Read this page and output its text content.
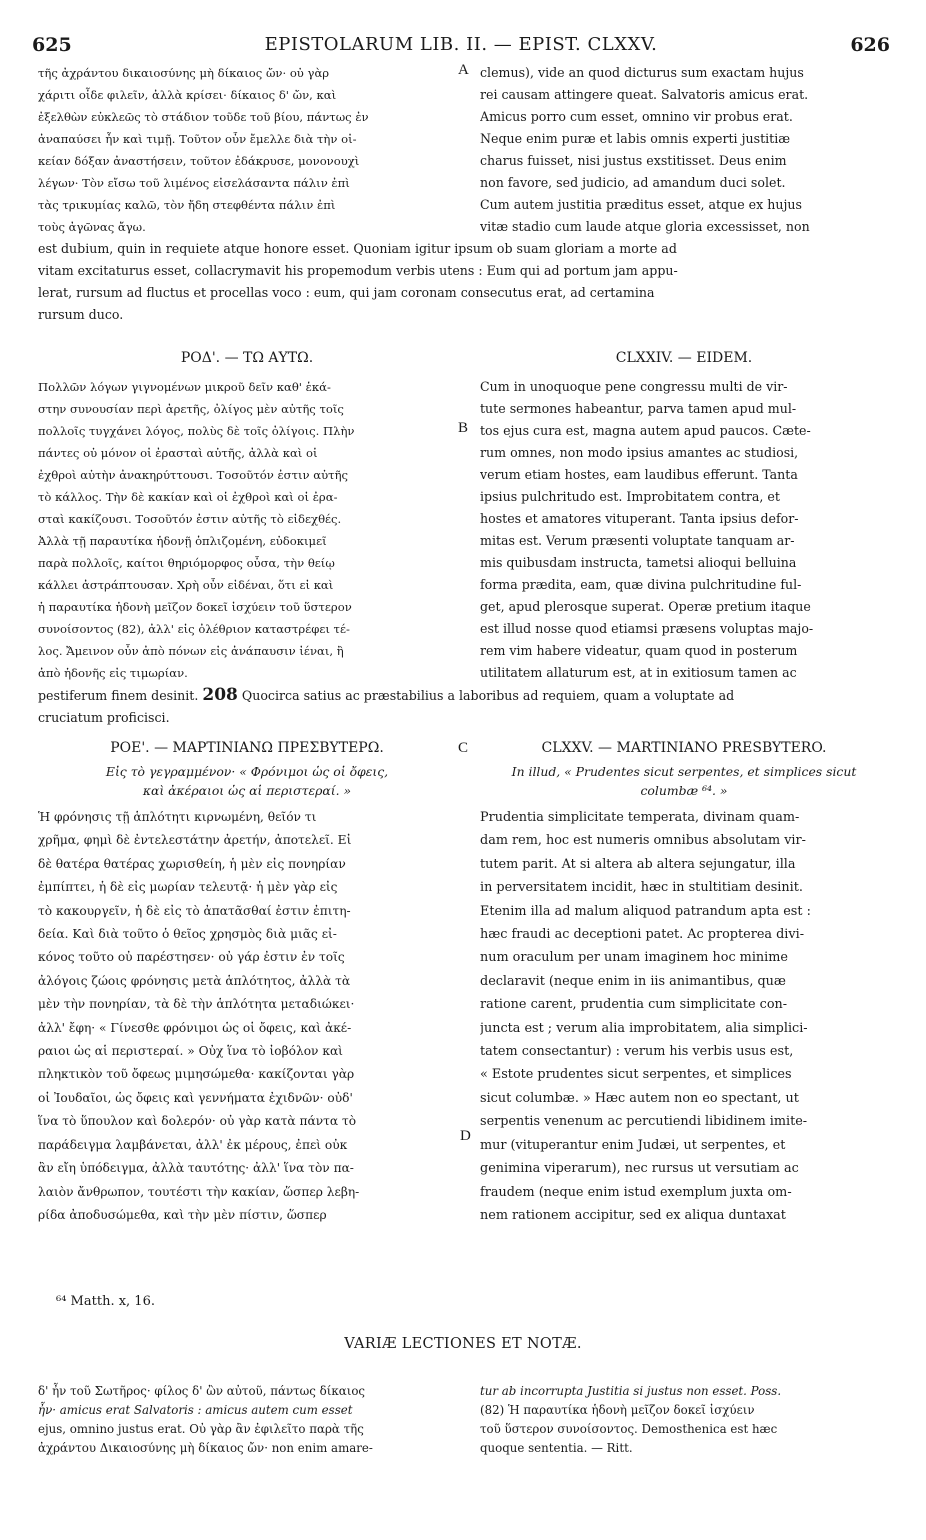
625	EPISTOLARUM LIB. II. — EPIST. CLXXV.	626
τῆς ἀχράντου δικαιοσύνης μὴ δίκαιος ὤν· οὐ γὰρ
χάριτι οἶδε φιλεῖν, ἀλλὰ κρίσει· δίκαιος δ' ὤν, καὶ
ἐξελθὼν εὐκλεῶς τὸ στάδιον τοῦδε τοῦ βίου, πάντως ἐν
ἀναπαύσει ἦν καὶ τιμῇ. Τοῦτον οὖν ἔμελλε διὰ τὴν οἰ-
κείαν δόξαν ἀναστήσειν, τοῦτον ἐδάκρυσε, μονονουχὶ
λέγων· Τὸν εἴσω τοῦ λιμένος εἰσελάσαντα πάλιν ἐπὶ
τὰς τρικυμίας καλῶ, τὸν ἤδη στεφθέντα πάλιν ἐπὶ
τοὺς ἀγῶνας ἄγω.
A clemus), vide an quod dicturus sum exactam hujus
rei causam attingere queat. Salvatoris amicus erat.
Amicus porro cum esset, omnino vir probus erat.
Neque enim puræ et labis omnis experti justitiæ
charus fuisset, nisi justus exstitisset. Deus enim
non favore, sed judicio, ad amandum duci solet.
Cum autem justitia præditus esset, atque ex hujus
vitæ stadio cum laude atque gloria excessisset, non
est dubium, quin in requiete atque honore esset. Quoniam igitur ipsum ob suam gloriam a morte ad
vitam excitaturus esset, collacrymavit his propemodum verbis utens : Eum qui ad portum jam appu-
lerat, rursum ad fluctus et procellas voco : eum, qui jam coronam consecutus erat, ad certamina
rursum duco.
ΡΟΔ'. — ΤΩ ΑΥΤΩ.	CLXXIV. — EIDEM.
Πολλῶν λόγων γιγνομένων μικροῦ δεῖν καθ' ἑκά-
στην συνουσίαν περὶ ἀρετῆς, ὀλίγος μὲν αὐτῆς τοῖς
πολλοῖς τυγχάνει λόγος, πολὺς δὲ τοῖς ὀλίγοις. Πλὴν
πάντες οὐ μόνον οἱ ἐρασταὶ αὐτῆς, ἀλλὰ καὶ οἱ
ἐχθροὶ αὐτὴν ἀνακηρύττουσι. Τοσοῦτόν ἐστιν αὐτῆς
τὸ κάλλος. Τὴν δὲ κακίαν καὶ οἱ ἐχθροὶ καὶ οἱ ἐρα-
σταὶ κακίζουσι. Τοσοῦτόν ἐστιν αὐτῆς τὸ εἰδεχθές.
Ἀλλὰ τῇ παραυτίκα ἡδονῇ ὁπλιζομένη, εὐδοκιμεῖ
παρὰ πολλοῖς, καίτοι θηριόμορφος οὖσα, τὴν θείῳ
κάλλει ἀστράπτουσαν. Χρὴ οὖν εἰδέναι, ὅτι εἰ καὶ
ἡ παραυτίκα ἡδονὴ μεῖζον δοκεῖ ἰσχύειν τοῦ ὕστερον
συνοίσοντος (82), ἀλλ' εἰς ὀλέθριον καταστρέφει τέ-
λος. Ἄμεινον οὖν ἀπὸ πόνων εἰς ἀνάπαυσιν ἰέναι, ἢ
ἀπὸ ἡδονῆς εἰς τιμωρίαν.
B
Cum in unoquoque pene congressu multi de vir-
tute sermones habeantur, parva tamen apud mul-
tos ejus cura est, magna autem apud paucos. Cæte-
rum omnes, non modo ipsius amantes ac studiosi,
verum etiam hostes, eam laudibus efferunt. Tanta
ipsius pulchritudo est. Improbitatem contra, et
hostes et amatores vituperant. Tanta ipsius defor-
mitas est. Verum præsenti voluptate tanquam ar-
mis quibusdam instructa, tametsi alioqui belluina
forma prædita, eam, quæ divina pulchritudine ful-
get, apud plerosque superat. Operæ pretium itaque
est illud nosse quod etiamsi præsens voluptas majo-
rem vim habere videatur, quam quod in posterum
utilitatem allaturum est, at in exitiosum tamen ac
pestiferum finem desinit. 208 Quocirca satius ac præstabilius a laboribus ad requiem, quam a voluptate ad
cruciatum proficisci.
ΡΟΕ'. — ΜΑΡΤΙΝΙΑΝΩ ΠΡΕΣΒΥΤΕΡΩ.	C	CLXXV. — MARTINIANO PRESBYTERO.
Εἰς τὸ γεγραμμένον· « Φρόνιμοι ὡς οἱ ὄφεις,
καὶ ἀκέραιοι ὡς αἱ περιστεραί. »
In illud, « Prudentes sicut serpentes, et simplices sicut
columbæ ⁶⁴. »
Ἡ φρόνησις τῇ ἁπλότητι κιρνωμένη, θεῖόν τι
χρῆμα, φημὶ δὲ ἐντελεστάτην ἀρετήν, ἀποτελεῖ. Εἰ
δὲ θατέρα θατέρας χωρισθείη, ἡ μὲν εἰς πονηρίαν
ἐμπίπτει, ἡ δὲ εἰς μωρίαν τελευτᾷ· ἡ μὲν γὰρ εἰς
τὸ κακουργεῖν, ἡ δὲ εἰς τὸ ἀπατᾶσθαί ἐστιν ἐπιτη-
δεία. Καὶ διὰ τοῦτο ὁ θεῖος χρησμὸς διὰ μιᾶς εἰ-
κόνος τοῦτο οὐ παρέστησεν· οὐ γάρ ἐστιν ἐν τοῖς
ἀλόγοις ζώοις φρόνησις μετὰ ἁπλότητος, ἀλλὰ τὰ
μὲν τὴν πονηρίαν, τὰ δὲ τὴν ἁπλότητα μεταδιώκει·
ἀλλ' ἔφη· « Γίνεσθε φρόνιμοι ὡς οἱ ὄφεις, καὶ ἀκέ-
ραιοι ὡς αἱ περιστεραί. » Οὐχ ἵνα τὸ ἰοβόλον καὶ
πληκτικὸν τοῦ ὄφεως μιμησώμεθα· κακίζονται γὰρ
οἱ Ἰουδαῖοι, ὡς ὄφεις καὶ γεννήματα ἐχιδνῶν· οὐδ'
ἵνα τὸ ὕπουλον καὶ δολερόν· οὐ γὰρ κατὰ πάντα τὸ
παράδειγμα λαμβάνεται, ἀλλ' ἐκ μέρους, ἐπεὶ οὐκ
ἂν εἴη ὑπόδειγμα, ἀλλὰ ταυτότης· ἀλλ' ἵνα τὸν πα-
λαιὸν ἄνθρωπον, τουτέστι τὴν κακίαν, ὥσπερ λεβη-
ρίδα ἀποδυσώμεθα, καὶ τὴν μὲν πίστιν, ὥσπερ
D
Prudentia simplicitate temperata, divinam quam-
dam rem, hoc est numeris omnibus absolutam vir-
tutem parit. At si altera ab altera sejungatur, illa
in perversitatem incidit, hæc in stultitiam desinit.
Etenim illa ad malum aliquod patrandum apta est :
hæc fraudi ac deceptioni patet. Ac propterea divi-
num oraculum per unam imaginem hoc minime
declaravit (neque enim in iis animantibus, quæ
ratione carent, prudentia cum simplicitate con-
juncta est ; verum alia improbitatem, alia simplici-
tatem consectantur) : verum his verbis usus est,
« Estote prudentes sicut serpentes, et simplices
sicut columbæ. » Hæc autem non eo spectant, ut
serpentis venenum ac percutiendi libidinem imite-
mur (vituperantur enim Judæi, ut serpentes, et
genimina viperarum), nec rursus ut versutiam ac
fraudem (neque enim istud exemplum juxta om-
nem rationem accipitur, sed ex aliqua duntaxat
⁶⁴ Matth. x, 16.
VARIÆ LECTIONES ET NOTÆ.
δ' ἦν τοῦ Σωτῆρος· φίλος δ' ὢν αὐτοῦ, πάντως δίκαιος
ἦν· amicus erat Salvatoris : amicus autem cum esset
ejus, omnino justus erat. Οὐ γὰρ ἂν ἐφιλεῖτο παρὰ τῆς
ἀχράντου Δικαιοσύνης μὴ δίκαιος ὤν· non enim amare-
tur ab incorrupta Justitia si justus non esset. Poss.
(82) Ἡ παραυτίκα ἡδονὴ μεῖζον δοκεῖ ἰσχύειν
τοῦ ὕστερον συνοίσοντος. Demosthenica est hæc
quoque sententia. — Ritt.
